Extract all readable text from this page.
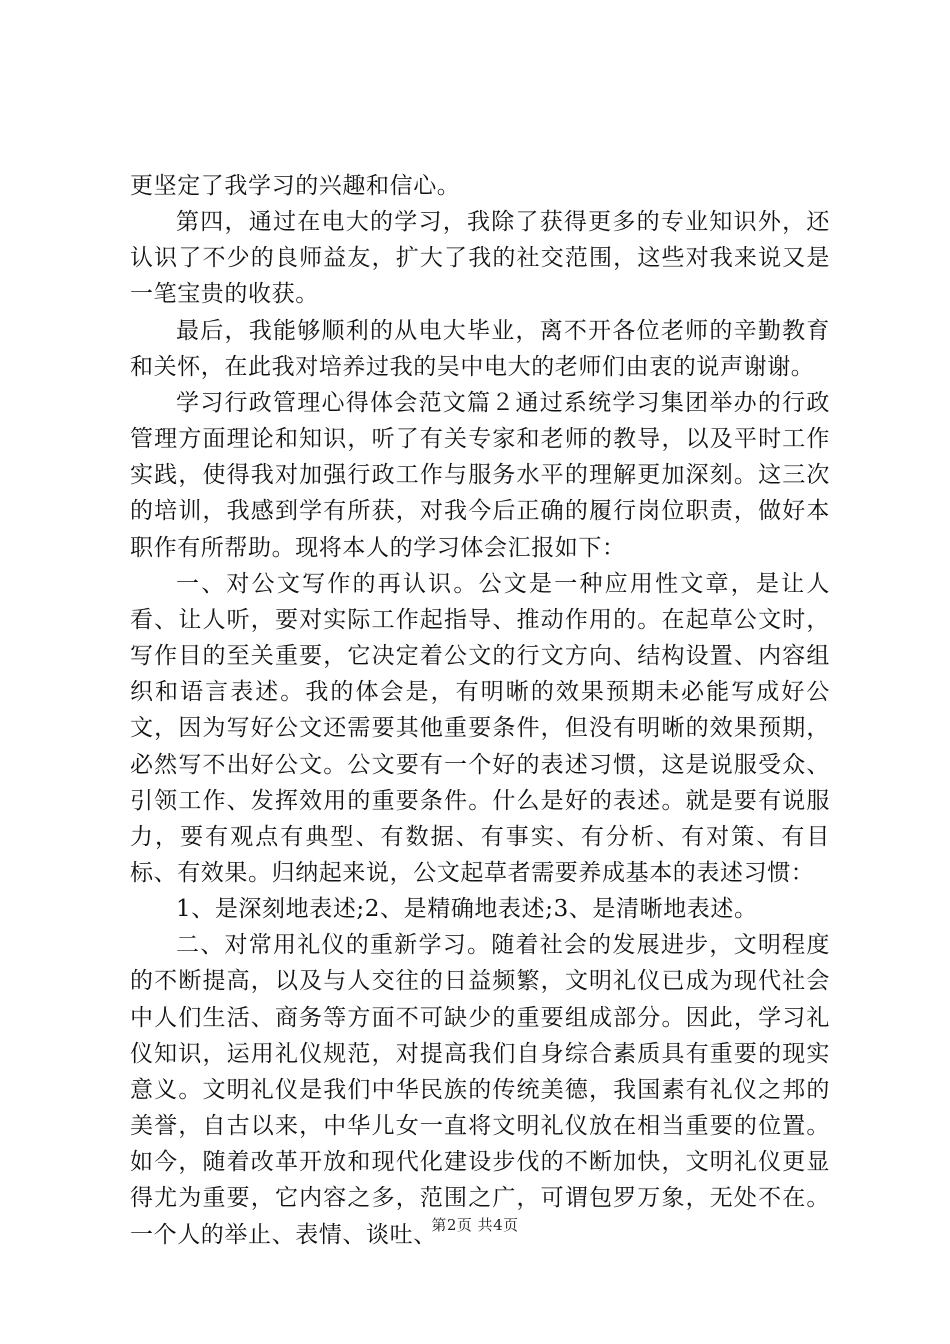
更坚定了我学习的兴趣和信心。

第四，通过在电大的学习，我除了获得更多的专业知识外，还认识了不少的良师益友，扩大了我的社交范围，这些对我来说又是一笔宝贵的收获。

最后，我能够顺利的从电大毕业，离不开各位老师的辛勤教育和关怀，在此我对培养过我的吴中电大的老师们由衷的说声谢谢。

学习行政管理心得体会范文篇２通过系统学习集团举办的行政管理方面理论和知识，听了有关专家和老师的教导，以及平时工作实践，使得我对加强行政工作与服务水平的理解更加深刻。这三次的培训，我感到学有所获，对我今后正确的履行岗位职责，做好本职作有所帮助。现将本人的学习体会汇报如下：

一、对公文写作的再认识。公文是一种应用性文章，是让人看、让人听，要对实际工作起指导、推动作用的。在起草公文时，写作目的至关重要，它决定着公文的行文方向、结构设置、内容组织和语言表述。我的体会是，有明晰的效果预期未必能写成好公文，因为写好公文还需要其他重要条件，但没有明晰的效果预期，必然写不出好公文。公文要有一个好的表述习惯，这是说服受众、引领工作、发挥效用的重要条件。什么是好的表述。就是要有说服力，要有观点有典型、有数据、有事实、有分析、有对策、有目标、有效果。归纳起来说，公文起草者需要养成基本的表述习惯：

1、是深刻地表述;2、是精确地表述;3、是清晰地表述。

二、对常用礼仪的重新学习。随着社会的发展进步，文明程度的不断提高，以及与人交往的日益频繁，文明礼仪已成为现代社会中人们生活、商务等方面不可缺少的重要组成部分。因此，学习礼仪知识，运用礼仪规范，对提高我们自身综合素质具有重要的现实意义。文明礼仪是我们中华民族的传统美德，我国素有礼仪之邦的美誉，自古以来，中华儿女一直将文明礼仪放在相当重要的位置。如今，随着改革开放和现代化建设步伐的不断加快，文明礼仪更显得尤为重要，它内容之多，范围之广，可谓包罗万象，无处不在。一个人的举止、表情、谈吐、

第2页 共4页
